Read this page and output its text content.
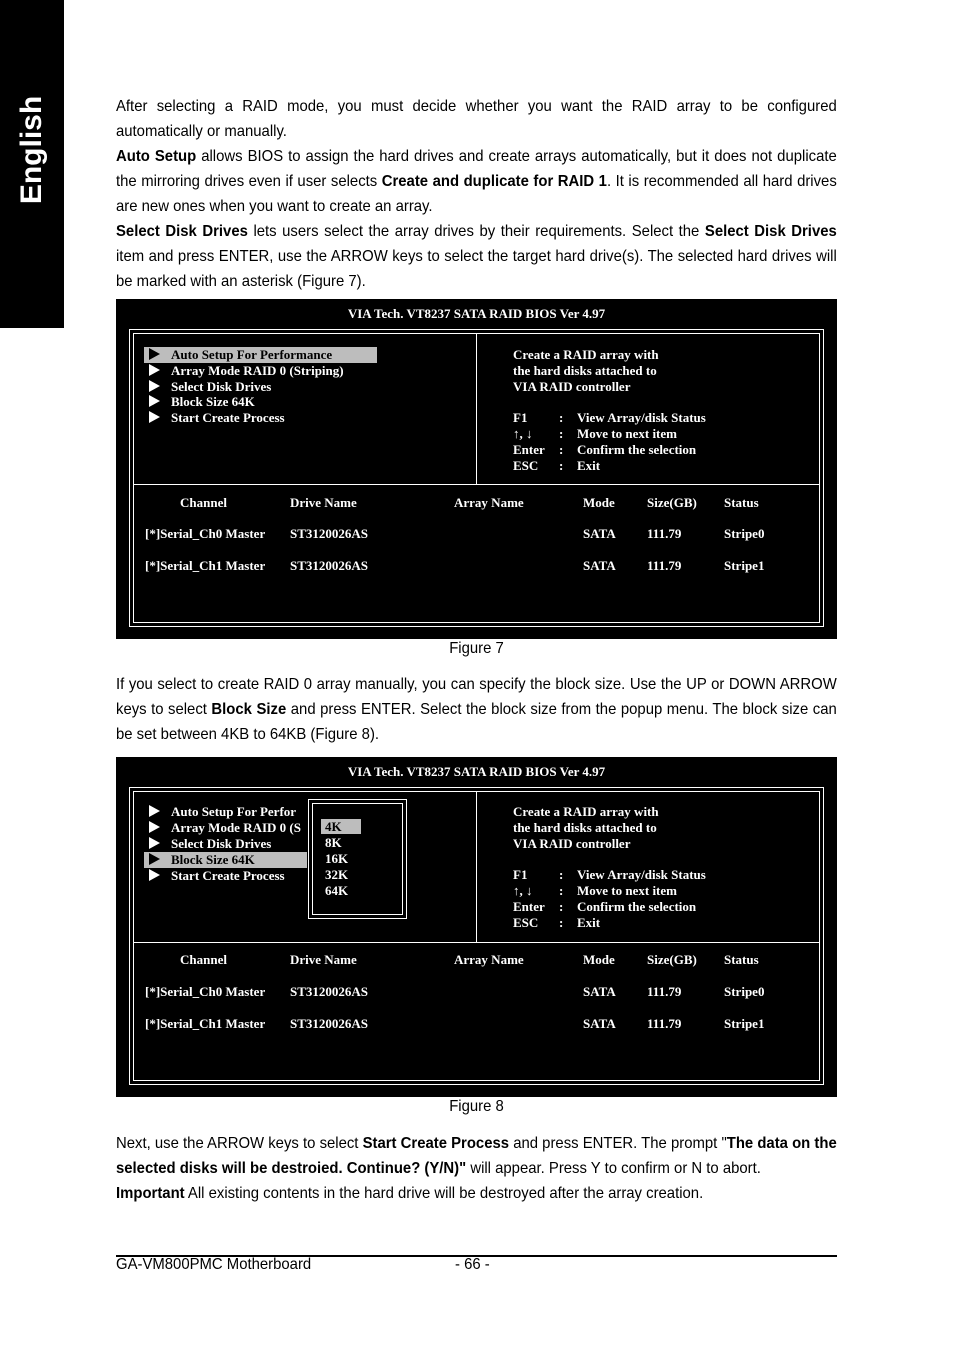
English	After selecting a RAID mode, you must decide whether you want the RAID array to be configured automatically or manually.
Auto Setup allows BIOS to assign the hard drives and create arrays automatically, but it does not duplicate the mirroring drives even if user selects Create and duplicate for RAID 1. It is recommended all hard drives are new ones when you want to create an array.
Select Disk Drives lets users select the array drives by their requirements. Select the Select Disk Drives item and press ENTER, use the ARROW keys to select the target hard drive(s). The selected hard drives will be marked with an asterisk (Figure 7).
VIA Tech. VT8237 SATA RAID BIOS Ver 4.97
Auto Setup For Performance
Array Mode RAID 0 (Striping)
Select Disk Drives
Block Size 64K
Start Create Process
Create a RAID array with
the hard disks attached to
VIA RAID controller
F1 : View Array/disk Status
↑, ↓ : Move to next item
Enter : Confirm the selection
ESC : Exit
Channel	Drive Name	Array Name	Mode Size(GB) Status
[*]Serial_Ch0 Master ST3120026AS	SATA 111.79	Stripe0
[*]Serial_Ch1 Master ST3120026AS	SATA 111.79	Stripe1
Figure 7
If you select to create RAID 0 array manually, you can specify the block size. Use the UP or DOWN ARROW keys to select Block Size and press ENTER. Select the block size from the popup menu. The block size can be set between 4KB to 64KB (Figure 8).
VIA Tech. VT8237 SATA RAID BIOS Ver 4.97
Auto Setup For Perfor
Array Mode RAID 0 (S
Select Disk Drives
Block Size 64K
Start Create Process
4K
8K
16K
32K
64K
Create a RAID array with
the hard disks attached to
VIA RAID controller
F1 : View Array/disk Status
↑, ↓ : Move to next item
Enter : Confirm the selection
ESC : Exit
Channel	Drive Name	Array Name	Mode Size(GB) Status
[*]Serial_Ch0 Master ST3120026AS	SATA 111.79	Stripe0
[*]Serial_Ch1 Master ST3120026AS	SATA 111.79	Stripe1
Figure 8
Next, use the ARROW keys to select Start Create Process and press ENTER. The prompt "The data on the selected disks will be destroied. Continue? (Y/N)" will appear. Press Y to confirm or N to abort.
Important All existing contents in the hard drive will be destroyed after the array creation.
GA-VM800PMC Motherboard	- 66 -
